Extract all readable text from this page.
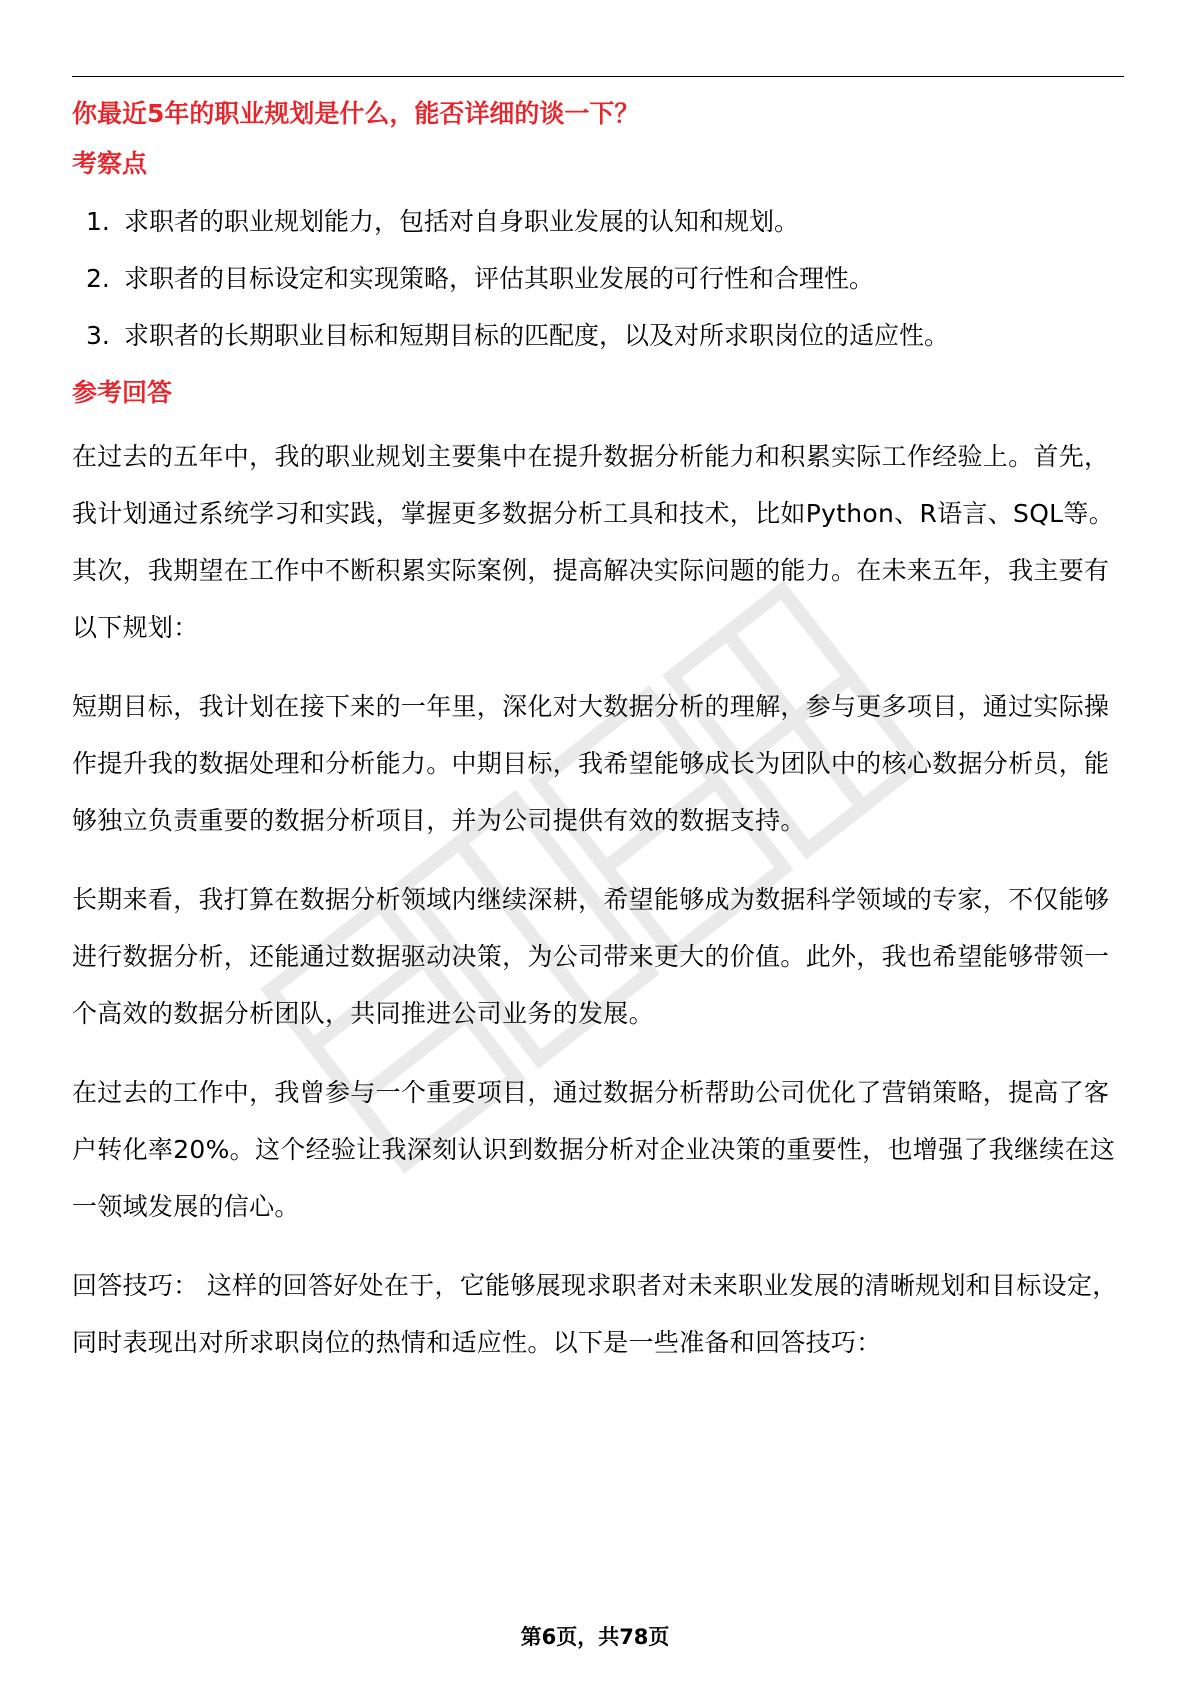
你最近5年的职业规划是什么，能否详细的谈一下？

考察点

1. 求职者的职业规划能力，包括对自身职业发展的认知和规划。
2. 求职者的目标设定和实现策略，评估其职业发展的可行性和合理性。
3. 求职者的长期职业目标和短期目标的匹配度，以及对所求职岗位的适应性。

参考回答

在过去的五年中，我的职业规划主要集中在提升数据分析能力和积累实际工作经验上。首先，我计划通过系统学习和实践，掌握更多数据分析工具和技术，比如Python、R语言、SQL等。其次，我期望在工作中不断积累实际案例，提高解决实际问题的能力。在未来五年，我主要有以下规划：

短期目标，我计划在接下来的一年里，深化对大数据分析的理解，参与更多项目，通过实际操作提升我的数据处理和分析能力。中期目标，我希望能够成长为团队中的核心数据分析员，能够独立负责重要的数据分析项目，并为公司提供有效的数据支持。

长期来看，我打算在数据分析领域内继续深耕，希望能够成为数据科学领域的专家，不仅能够进行数据分析，还能通过数据驱动决策，为公司带来更大的价值。此外，我也希望能够带领一个高效的数据分析团队，共同推进公司业务的发展。

在过去的工作中，我曾参与一个重要项目，通过数据分析帮助公司优化了营销策略，提高了客户转化率20%。这个经验让我深刻认识到数据分析对企业决策的重要性，也增强了我继续在这一领域发展的信心。

回答技巧： 这样的回答好处在于，它能够展现求职者对未来职业发展的清晰规划和目标设定，同时表现出对所求职岗位的热情和适应性。以下是一些准备和回答技巧：

第6页，共78页
